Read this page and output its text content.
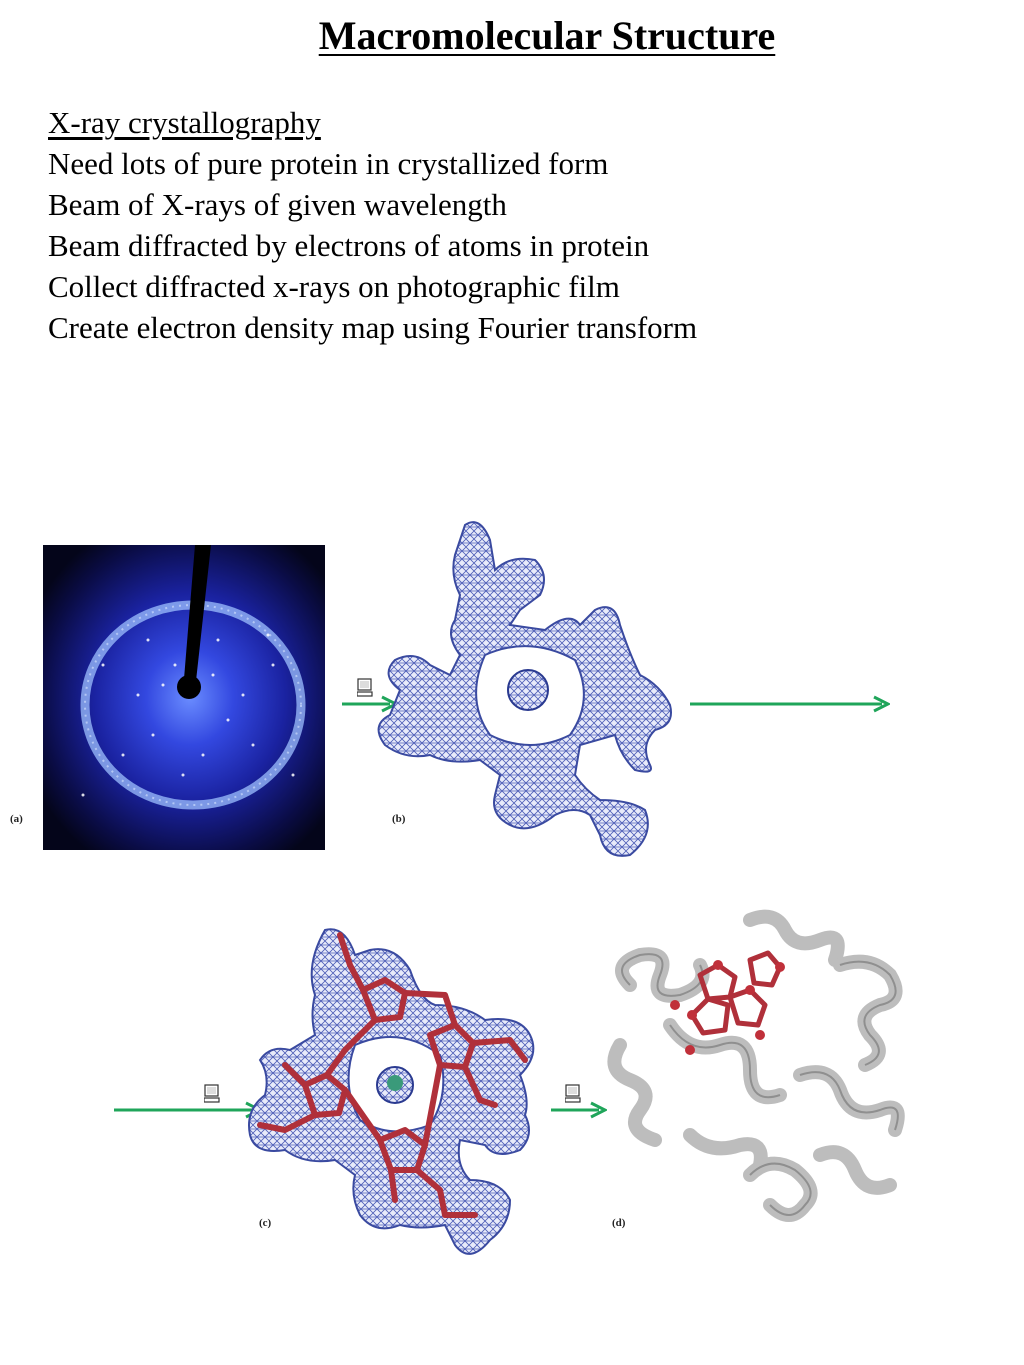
Macromolecular Structure
X-ray crystallography
Need lots of pure protein in crystallized form
Beam of X-rays of given wavelength
Beam diffracted by electrons of atoms in protein
Collect diffracted x-rays on photographic film
Create electron density map using Fourier transform
(a)	(b)
(c)	(d)
